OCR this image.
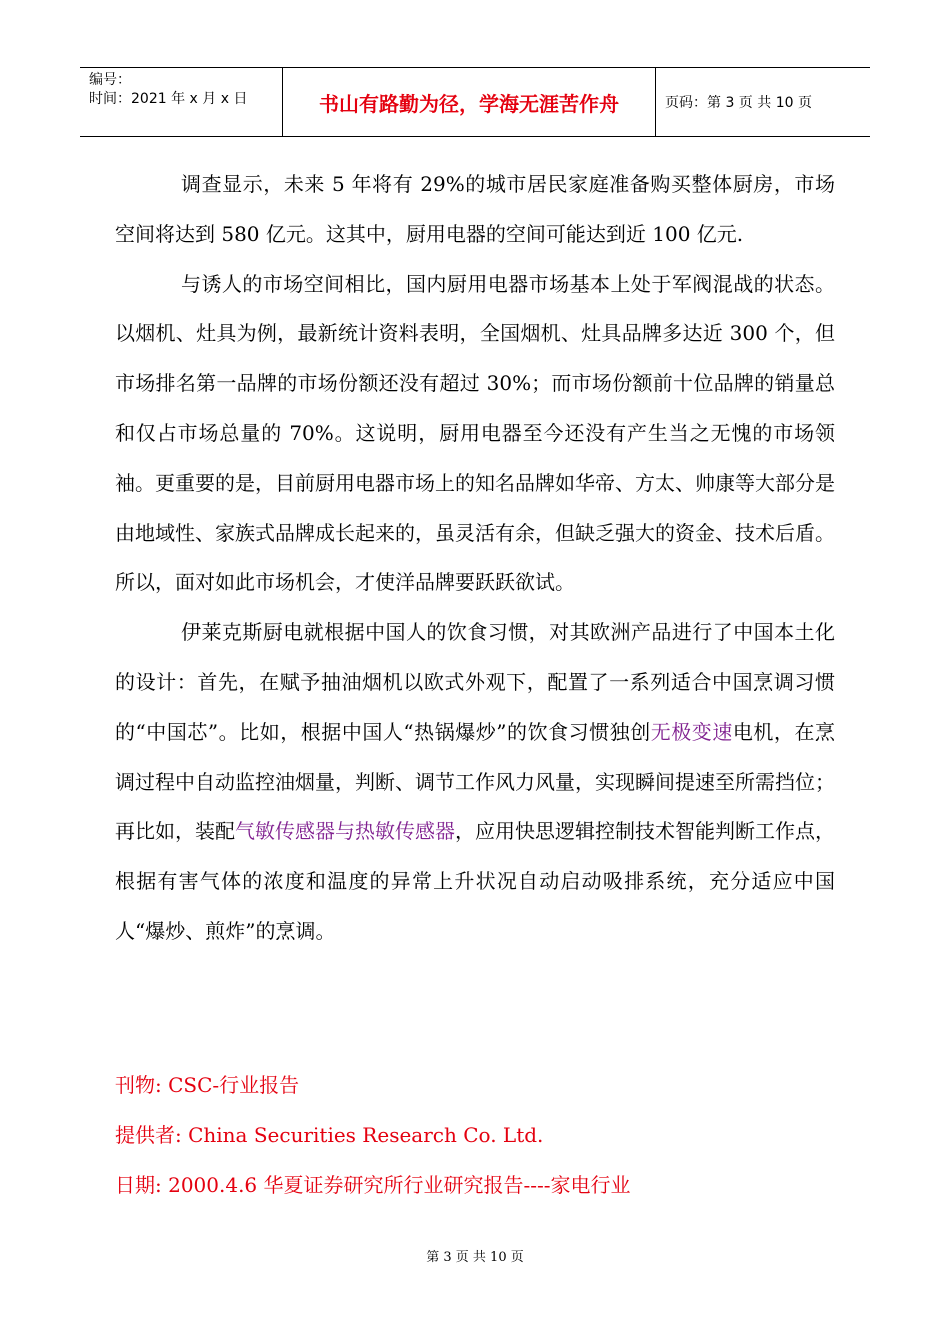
编号：
时间：2021 年 x 月 x 日	书山有路勤为径，学海无涯苦作舟	页码：第 3 页 共 10 页

调查显示，未来 5 年将有 29%的城市居民家庭准备购买整体厨房，市场空间将达到 580 亿元。这其中，厨用电器的空间可能达到近 100 亿元.

与诱人的市场空间相比，国内厨用电器市场基本上处于军阀混战的状态。以烟机、灶具为例，最新统计资料表明，全国烟机、灶具品牌多达近 300 个，但市场排名第一品牌的市场份额还没有超过 30%；而市场份额前十位品牌的销量总和仅占市场总量的 70%。这说明，厨用电器至今还没有产生当之无愧的市场领袖。更重要的是，目前厨用电器市场上的知名品牌如华帝、方太、帅康等大部分是由地域性、家族式品牌成长起来的，虽灵活有余，但缺乏强大的资金、技术后盾。所以，面对如此市场机会，才使洋品牌要跃跃欲试。

伊莱克斯厨电就根据中国人的饮食习惯，对其欧洲产品进行了中国本土化的设计：首先，在赋予抽油烟机以欧式外观下，配置了一系列适合中国烹调习惯的“中国芯”。比如，根据中国人“热锅爆炒”的饮食习惯独创无极变速电机，在烹调过程中自动监控油烟量，判断、调节工作风力风量，实现瞬间提速至所需挡位；再比如，装配气敏传感器与热敏传感器，应用快思逻辑控制技术智能判断工作点，根据有害气体的浓度和温度的异常上升状况自动启动吸排系统，充分适应中国人“爆炒、煎炸”的烹调。

刊物: CSC-行业报告
提供者: China Securities Research Co. Ltd.
日期: 2000.4.6 华夏证券研究所行业研究报告----家电行业
第 3 页 共 10 页
